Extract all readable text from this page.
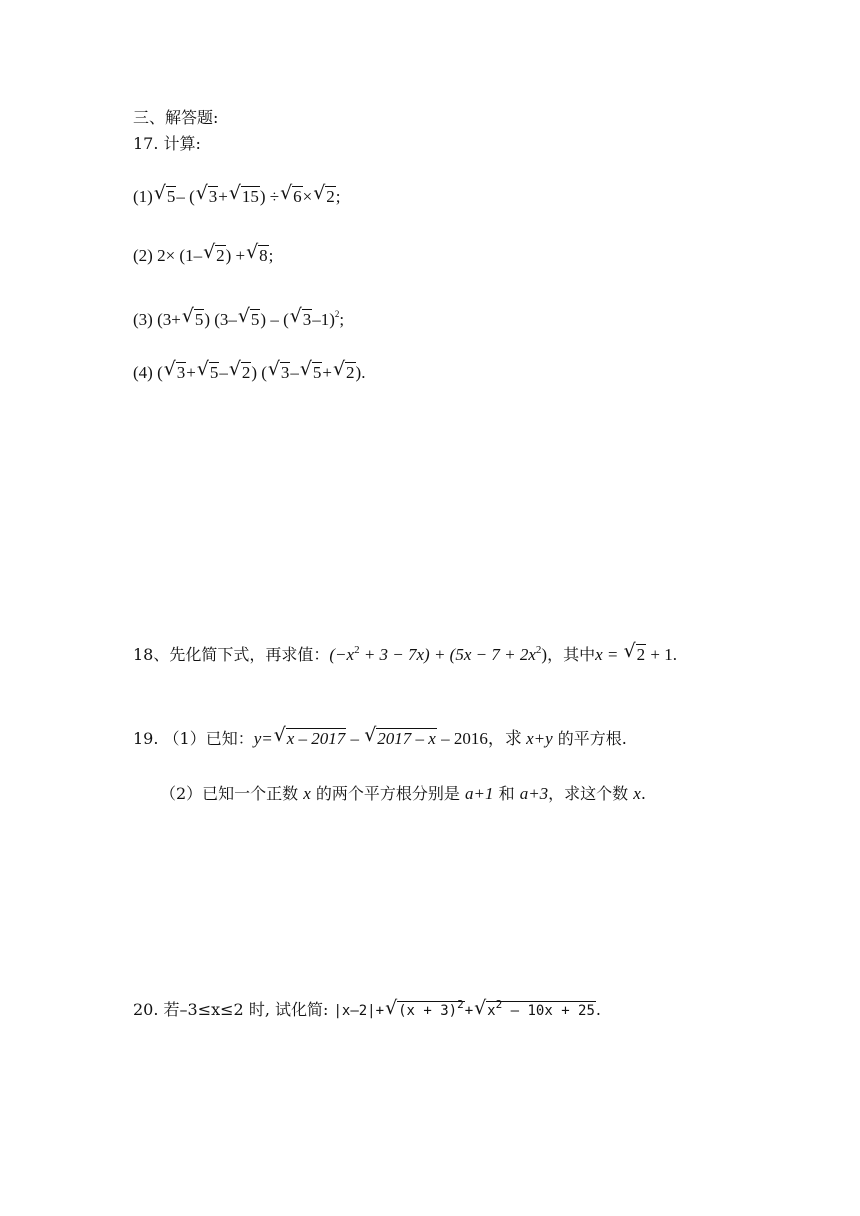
三、解答题:
17. 计算:
(1)√ 5– (√ 3+√ 15) ÷√ 6×√ 2;
(2) 2× (1–√ 2) +√ 8;
(3) (3+√ 5) (3–√ 5) – (√ 3–1)$^2$;
(4) (√ 3+√ 5–√ 2) (√ 3–√ 5+√ 2).
18、先化简下式，再求值：$(-x^2 + 3 - 7x) + (5x - 7 + 2x^2)$，其中x = √ 2 + 1.
19. （1）已知：y=√ x – 2017 – √ 2017 – x – 2016，求 x+y 的平方根.
（2）已知一个正数 x 的两个平方根分别是 a+1 和 a+3，求这个数 x.
20. 若–3≤x≤2 时, 试化简: |x–2|+√ $(x + 3)^2+√$ $x^2 - 10x + 25$.
